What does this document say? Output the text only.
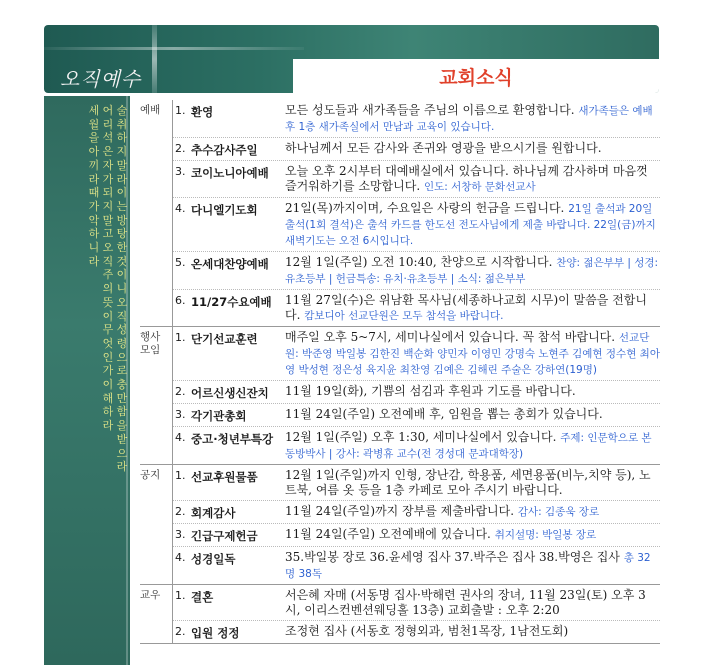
오직예수	교회소식
술 취하지 말라 이는 방탕한 것이니 오직 성령으로 충만함을 받으라
어리석은 자가 되지 말고 오직 주의 뜻이 무엇인가 이해하라
세월을 아끼라 때가 악하니라
예배	1. 환영	모든 성도들과 새가족들을 주님의 이름으로 환영합니다. 새가족들은 예배 후 1층 새가족실에서 만남과 교육이 있습니다.
2. 추수감사주일	하나님께서 모든 감사와 존귀와 영광을 받으시기를 원합니다.
3. 코이노니아예배	오늘 오후 2시부터 대예배실에서 있습니다. 하나님께 감사하며 마음껏 즐거워하기를 소망합니다. 인도: 서창하 문화선교사
4. 다니엘기도회	21일(목)까지이며, 수요일은 사랑의 헌금을 드립니다. 21일 출석과 20일 출석(1회 결석)은 출석 카드를 한도선 전도사님에게 제출 바랍니다. 22일(금)까지 새벽기도는 오전 6시입니다.
5. 온세대찬양예배	12월 1일(주일) 오전 10:40, 찬양으로 시작합니다. 찬양: 젊은부부 | 성경: 유초등부 | 헌금특송: 유치·유초등부 | 소식: 젊은부부
6. 11/27수요예배	11월 27일(수)은 위남환 목사님(세종하나교회 시무)이 말씀을 전합니다. 캄보디아 선교단원은 모두 참석을 바랍니다.
행사 모임
1. 단기선교훈련	매주일 오후 5~7시, 세미나실에서 있습니다. 꼭 참석 바랍니다. 선교단원: 박준영 박일봉 김한진 백순화 양민자 이영민 강명숙 노현주 김예현 정수현 최아영 박성현 정은성 육지윤 최찬영 김예은 김해린 주술은 강하연(19명)
2. 어르신생신잔치	11월 19일(화), 기쁨의 섬김과 후원과 기도를 바랍니다.
3. 각기관총회	11월 24일(주일) 오전예배 후, 임원을 뽑는 총회가 있습니다.
4. 중고·청년부특강 12월 1일(주일) 오후 1:30, 세미나실에서 있습니다. 주제: 인문학으로 본 동방박사 | 강사: 곽병휴 교수(전 경성대 문과대학장)
공지	1. 선교후원물품	12월 1일(주일)까지 인형, 장난감, 학용품, 세면용품(비누,치약 등), 노트북, 여름 옷 등을 1층 카페로 모아 주시기 바랍니다.
2. 회계감사	11월 24일(주일)까지 장부를 제출바랍니다. 감사: 김종욱 장로
3. 긴급구제헌금	11월 24일(주일) 오전예배에 있습니다. 취지설명: 박일봉 장로
4. 성경일독	35.박일봉 장로 36.윤세영 집사 37.박주은 집사 38.박영은 집사 총 32명 38독
교우	1. 결혼	서은혜 자매 (서동명 집사·박해련 권사의 장녀, 11월 23일(토) 오후 3시, 이리스컨벤션웨딩홀 13층) 교회출발 : 오후 2:20
2. 입원 정정	조정현 집사 (서동호 정형외과, 범천1목장, 1남전도회)
